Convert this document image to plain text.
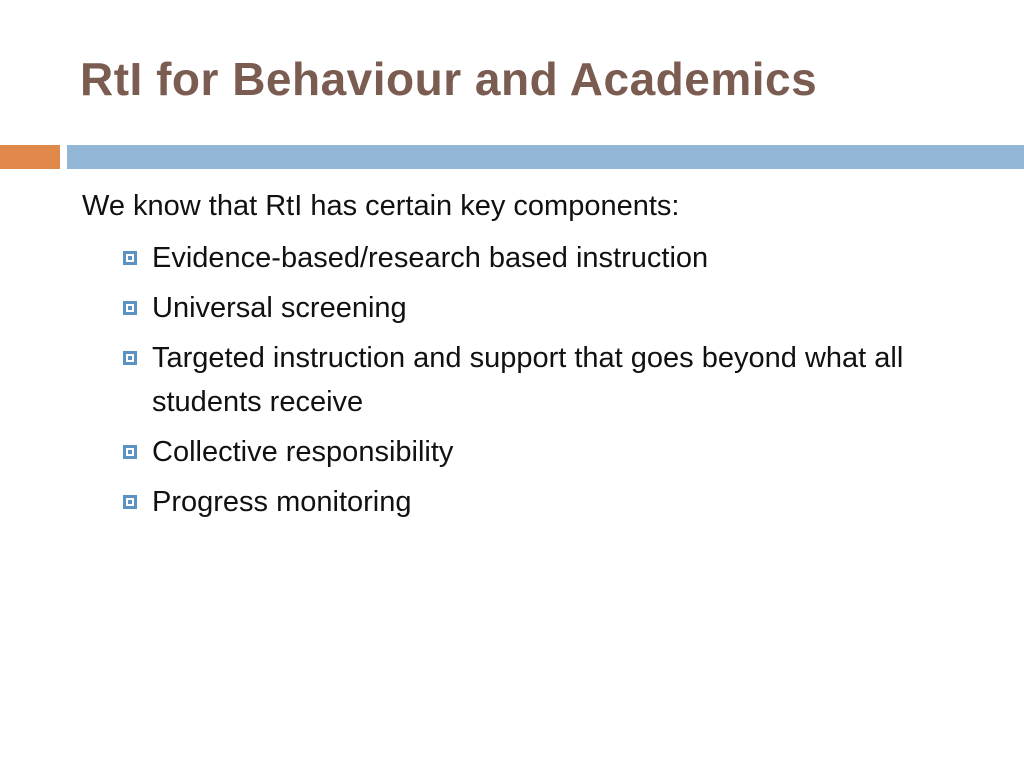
RtI for Behaviour and Academics

We know that RtI has certain key components:

Evidence-based/research based instruction
Universal screening
Targeted instruction and support that goes beyond what all students receive
Collective responsibility
Progress monitoring
